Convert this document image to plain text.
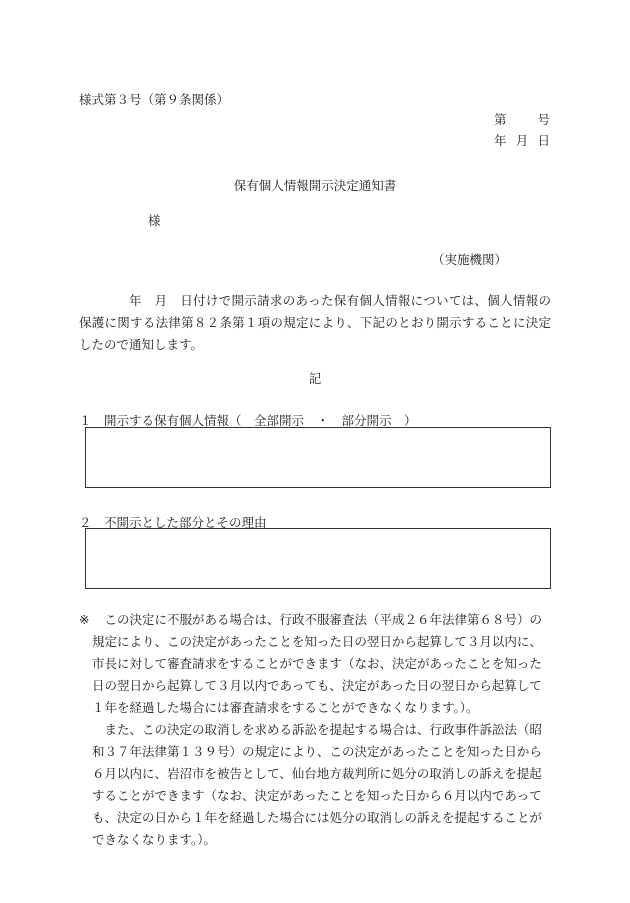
様式第３号（第９条関係）
第 号
年 月 日
保有個人情報開示決定通知書
様
（実施機関）

年　月　日付けで開示請求のあった保有個人情報については、個人情報の保護に関する法律第８２条第１項の規定により、下記のとおり開示することに決定したので通知します。

記
１　開示する保有個人情報（　全部開示　・　部分開示　）
２　不開示とした部分とその理由
※	この決定に不服がある場合は、行政不服審査法（平成２６年法律第６８号）の規定により、この決定があったことを知った日の翌日から起算して３月以内に、市長に対して審査請求をすることができます（なお、決定があったことを知った日の翌日から起算して３月以内であっても、決定があった日の翌日から起算して１年を経過した場合には審査請求をすることができなくなります。）。

また、この決定の取消しを求める訴訟を提起する場合は、行政事件訴訟法（昭和３７年法律第１３９号）の規定により、この決定があったことを知った日から６月以内に、岩沼市を被告として、仙台地方裁判所に処分の取消しの訴えを提起することができます（なお、決定があったことを知った日から６月以内であっても、決定の日から１年を経過した場合には処分の取消しの訴えを提起することができなくなります。）。
